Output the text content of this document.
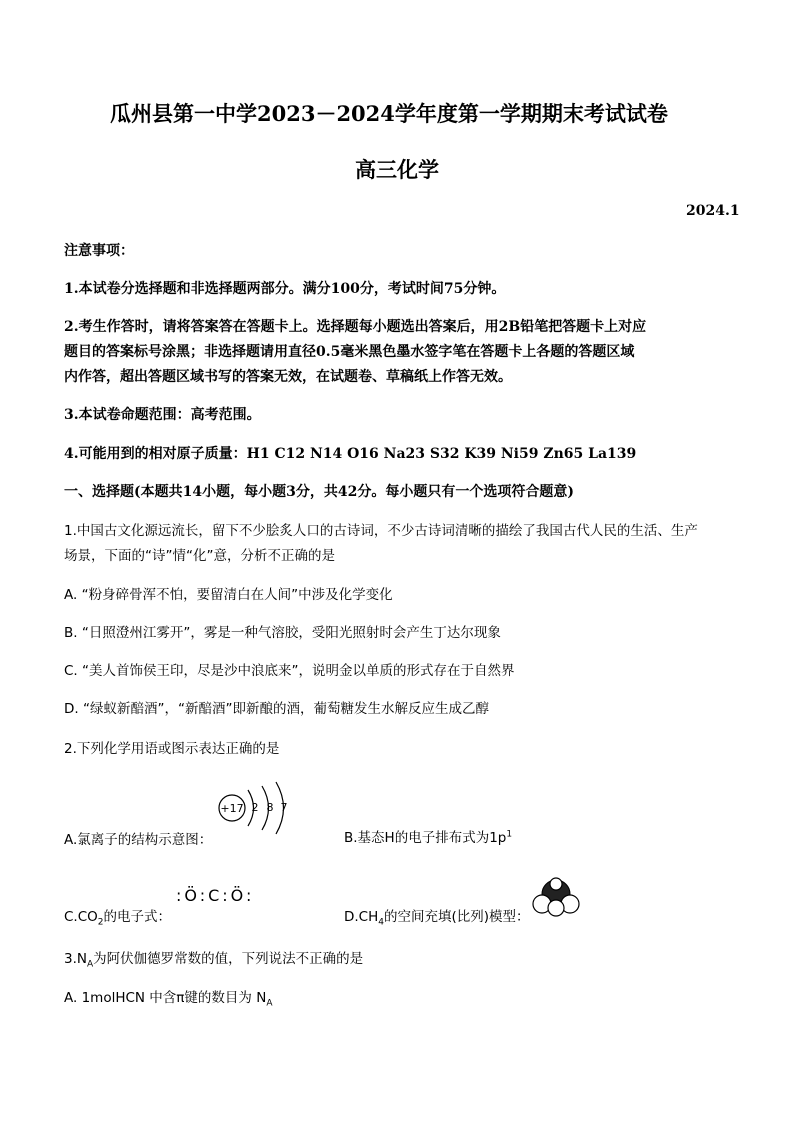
瓜州县第一中学2023－2024学年度第一学期期末考试试卷
高三化学
2024.1
注意事项：
1.本试卷分选择题和非选择题两部分。满分100分，考试时间75分钟。
2.考生作答时，请将答案答在答题卡上。选择题每小题选出答案后，用2B铅笔把答题卡上对应
题目的答案标号涂黑；非选择题请用直径0.5毫米黑色墨水签字笔在答题卡上各题的答题区域
内作答，超出答题区域书写的答案无效，在试题卷、草稿纸上作答无效。
3.本试卷命题范围：高考范围。
4.可能用到的相对原子质量：H1 C12 N14 O16 Na23 S32 K39 Ni59 Zn65 La139
一、选择题(本题共14小题，每小题3分，共42分。每小题只有一个选项符合题意)
1.中国古文化源远流长，留下不少脍炙人口的古诗词，不少古诗词清晰的描绘了我国古代人民的生活、生产
场景，下面的“诗”情“化”意，分析不正确的是
A. “粉身碎骨浑不怕，要留清白在人间”中涉及化学变化
B. “日照澄州江雾开”，雾是一种气溶胶，受阳光照射时会产生丁达尔现象
C. “美人首饰侯王印，尽是沙中浪底来”，说明金以单质的形式存在于自然界
D. “绿蚁新醅酒”，“新醅酒”即新酿的酒，葡萄糖发生水解反应生成乙醇
2.下列化学用语或图示表达正确的是
A.氯离子的结构示意图：
+17 2 8 7
B.基态H的电子排布式为$1p^1$
$C.CO_2$的电子式：
:Ö:C:Ö:
$D.CH_4$的空间充填(比列)模型：
$3.N_A$为阿伏伽德罗常数的值，下列说法不正确的是
A. 1molHCN 中含π键的数目为 $N_A$
